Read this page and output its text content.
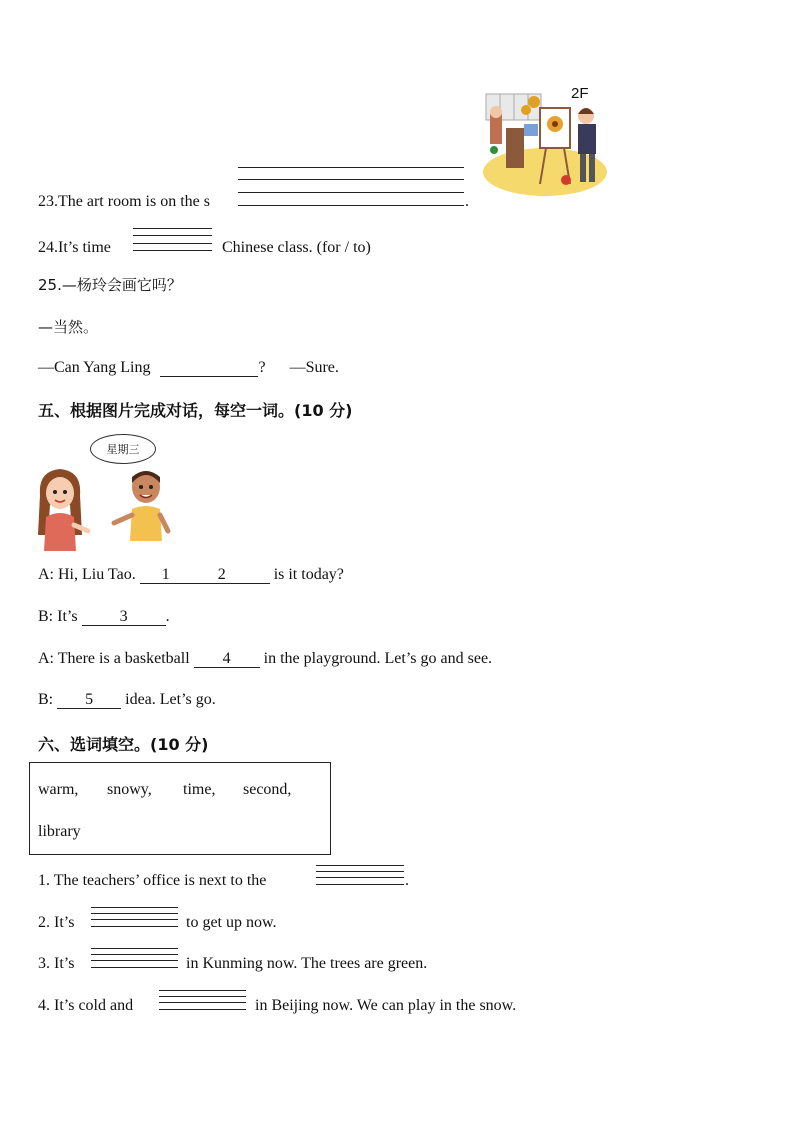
23.The art room is on the s	.
2F
24.It’s time	Chinese class. (for / to)
25.—杨玲会画它吗？
—当然。
—Can Yang Ling	? —Sure.
五、根据图片完成对话，每空一词。(10 分)
星期三
A: Hi, Liu Tao. 1	2	is it today?
B: It’s 3 .
A: There is a basketball 4 in the playground. Let’s go and see.
B: 5 idea. Let’s go.
六、选词填空。(10 分)
warm, snowy, time, second,
library
1. The teachers’ office is next to the	.
2. It’s	to get up now.
3. It’s	in Kunming now. The trees are green.
4. It’s cold and	in Beijing now. We can play in the snow.
